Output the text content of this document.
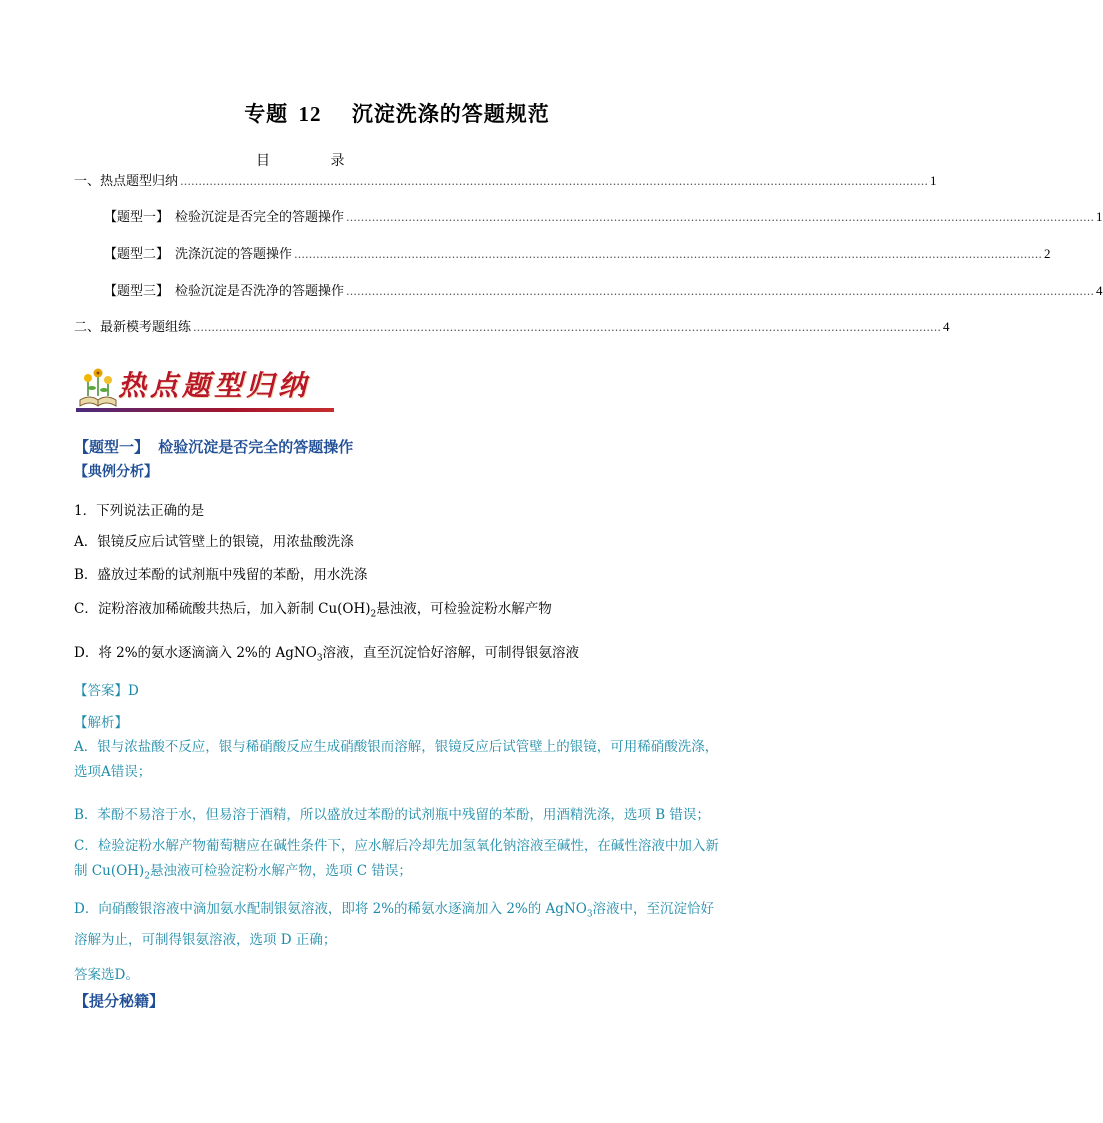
专题 12 沉淀洗涤的答题规范
目	录
一、热点题型归纳 …………………………………………………………………………………………………………………………………………………………………………………… 1
【题型一】 检验沉淀是否完全的答题操作 …………………………………………………………………………………………………………………………………………………………………………………… 1
【题型二】 洗涤沉淀的答题操作 …………………………………………………………………………………………………………………………………………………………………………………… 2
【题型三】 检验沉淀是否洗净的答题操作 …………………………………………………………………………………………………………………………………………………………………………………… 4
二、最新模考题组练 …………………………………………………………………………………………………………………………………………………………………………………… 4
热点题型归纳
【题型一】 检验沉淀是否完全的答题操作
【典例分析】
1．下列说法正确的是
A．银镜反应后试管壁上的银镜，用浓盐酸洗涤
B．盛放过苯酚的试剂瓶中残留的苯酚，用水洗涤
C．淀粉溶液加稀硫酸共热后，加入新制 $Cu(OH)_2$悬浊液，可检验淀粉水解产物
D．将 2%的氨水逐滴滴入 2%的 AgNO$_3$溶液，直至沉淀恰好溶解，可制得银氨溶液
【答案】D
【解析】
A．银与浓盐酸不反应，银与稀硝酸反应生成硝酸银而溶解，银镜反应后试管壁上的银镜，可用稀硝酸洗涤，选项A错误；
B．苯酚不易溶于水，但易溶于酒精，所以盛放过苯酚的试剂瓶中残留的苯酚，用酒精洗涤，选项 B 错误；
C．检验淀粉水解产物葡萄糖应在碱性条件下，应水解后冷却先加氢氧化钠溶液至碱性，在碱性溶液中加入新制 $Cu(OH)_2$悬浊液可检验淀粉水解产物，选项 C 错误；
D．向硝酸银溶液中滴加氨水配制银氨溶液，即将 2%的稀氨水逐滴加入 2%的 AgNO$_3$溶液中，至沉淀恰好溶解为止，可制得银氨溶液，选项 D 正确；
答案选D。
【提分秘籍】
